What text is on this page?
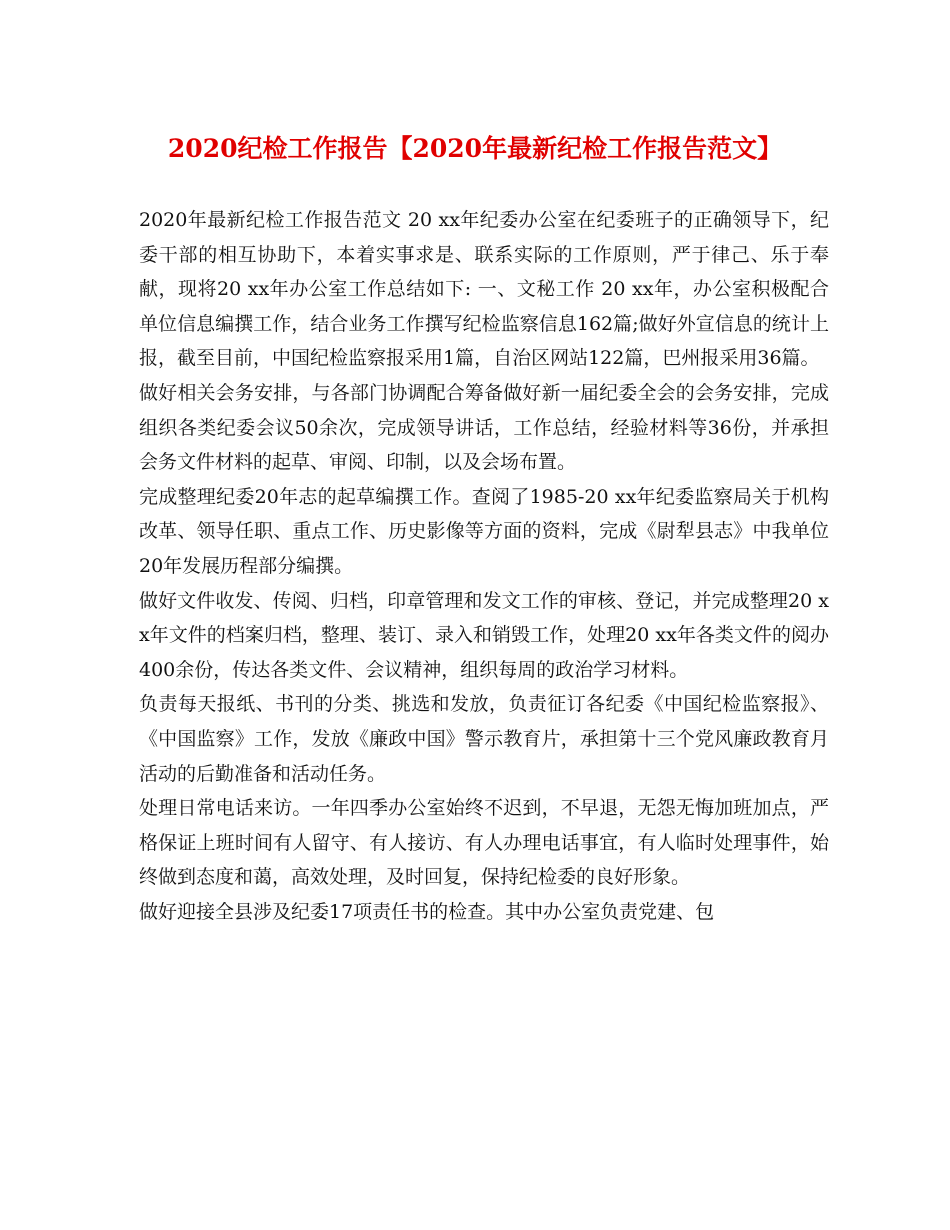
2020纪检工作报告【2020年最新纪检工作报告范文】

2020年最新纪检工作报告范文 20 xx年纪委办公室在纪委班子的正确领导下，纪委干部的相互协助下，本着实事求是、联系实际的工作原则，严于律己、乐于奉献，现将20 xx年办公室工作总结如下: 一、文秘工作 20 xx年，办公室积极配合单位信息编撰工作，结合业务工作撰写纪检监察信息162篇;做好外宣信息的统计上报，截至目前，中国纪检监察报采用1篇，自治区网站122篇，巴州报采用36篇。

做好相关会务安排，与各部门协调配合筹备做好新一届纪委全会的会务安排，完成组织各类纪委会议50余次，完成领导讲话，工作总结，经验材料等36份，并承担会务文件材料的起草、审阅、印制，以及会场布置。

完成整理纪委20年志的起草编撰工作。查阅了1985-20 xx年纪委监察局关于机构改革、领导任职、重点工作、历史影像等方面的资料，完成《尉犁县志》中我单位20年发展历程部分编撰。

做好文件收发、传阅、归档，印章管理和发文工作的审核、登记，并完成整理20 xx年文件的档案归档，整理、装订、录入和销毁工作，处理20 xx年各类文件的阅办400余份，传达各类文件、会议精神，组织每周的政治学习材料。

负责每天报纸、书刊的分类、挑选和发放，负责征订各纪委《中国纪检监察报》、《中国监察》工作，发放《廉政中国》警示教育片，承担第十三个党风廉政教育月活动的后勤准备和活动任务。

处理日常电话来访。一年四季办公室始终不迟到，不早退，无怨无悔加班加点，严格保证上班时间有人留守、有人接访、有人办理电话事宜，有人临时处理事件，始终做到态度和蔼，高效处理，及时回复，保持纪检委的良好形象。

做好迎接全县涉及纪委17项责任书的检查。其中办公室负责党建、包
